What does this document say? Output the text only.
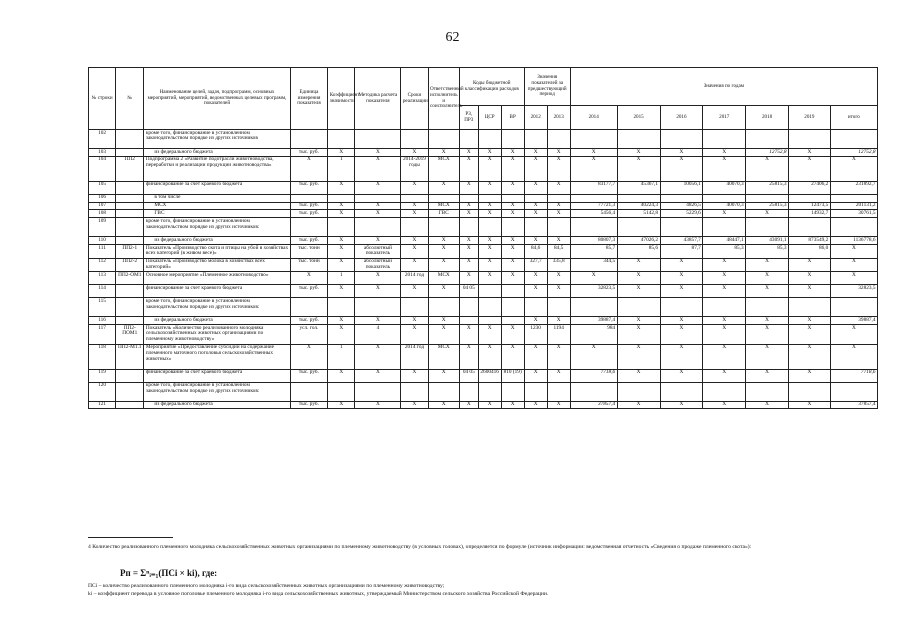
62
№ строки	№	Наименование целей, задач, подпрограмм, основных мероприятий, мероприятий, ведомственных целевых программ, показателей	Единица измерения показателя	Коэффициент значимости	Методика расчета показателя	Сроки реализации	Ответственный исполнитель и соисполнитель	Коды бюджетной классификации расходов			Значения показателей за предшествующий период		Значения по годам						
								РЗ, ПР3	ЦСР	ВР	2012	2013	2014	2015	2016	2017	2018	2019	итого
102		кроме того, финансирование в установленном законодательством порядке из других источников																	
103		из федерального бюджета	тыс. руб.	X	X	X	X	X	X	X	X	X	X	X	X	X	12752,8	X	12752,8
104	ПП2	Подпрограмма 2 «Развитие подотрасли животноводства, переработки и реализации продукции животноводства»	X	1	X	2014-2019 годы	МСХ	X	X	X	X	X	X	X	X	X	X	X	X
105		финансирование за счет краевого бюджета	тыс. руб.	X	X	X	X	X	X	X	X	X	83177,7	45367,1	10056,1	40070,3	25815,3	27406,2	231892,7
106		в том числе																	
107		МСХ	тыс. руб.	X	X	X	МСХ	X	X	X	X	X	77721,3	40224,3	4826,5	40070,3	25815,3	12473,5	201131,2
108		ГВС	тыс. руб.	X	X	X	ГВС	X	X	X	X	X	5456,4	5142,8	5229,6	X	X	14932,7	30761,5
109		кроме того, финансирование в установленном законодательством порядке из других источников:																	
110		из федерального бюджета	тыс. руб.	X	X	X	X	X	X	X	X	X	80807,3	47026,2	43857,7	48447,1	43091,1	873549,2	1136778,6
111	ПП2-1	Показатель «Производство скота и птицы на убой в хозяйствах всех категорий (в живом весе)»	тыс. тонн	X	абсолютный показатель	X	X	X	X	X	84,6	84,5	85,7	85,6	87,7	85,3	85,3	86,0	X
112	ПП2-2	Показатель «Производство молока в хозяйствах всех категорий»	тыс. тонн	X	абсолютный показатель	X	X	X	X	X	327,7	335,8	344,5	X	X	X	X	X	X
113	ПП2-ОМ1	Основное мероприятие «Племенное животноводство»	X	1	X	2014 год	МСХ	X	X	X	X	X	X	X	X	X	X	X	X
114		финансирование за счет краевого бюджета	тыс. руб.	X	X	X	X	04 05			X	X	32823,5	X	X	X	X	X	32823,5
115		кроме того, финансирование в установленном законодательством порядке из других источников:																	
116		из федерального бюджета	тыс. руб.	X	X	X	X				X	X	39887,4	X	X	X	X	X	39887,4
117	ПП2-ПОМ1	Показатель «Количество реализованного молодняка сельскохозяйственных животных организациями по племенному животноводству»	усл. гол.	X	4	X	X	X	X	X	1230	1194	984	X	X	X	X	X	X
118	ПП2-М1.1	Мероприятие «Предоставление субсидий на содержание племенного маточного поголовья сельскохозяйственных животных»	X	1	X	2014 год	МСХ	X	X	X	X	X	X	X	X	X	X	X	X
119		финансирование за счет краевого бюджета	тыс. руб.	X	X	X	X	04 05	2600416	810 (19)	X	X	7718,6	X	X	X	X	X	7718,6
120		кроме того, финансирование в установленном законодательством порядке из других источников:																	
121		из федерального бюджета	тыс. руб.	X	X	X	X	X	X	X	X	X	37857,4	X	X	X	X	X	37857,4
4 Количество реализованного племенного молодняка сельскохозяйственных животных организациями по племенному животноводству (в условных головах), определяется по формуле (источник информации: ведомственная отчетность «Сведения о продаже племенного скота»):
Рп = Σⁿᵢ₌₁(ПСi × ki), где:
ПСi – количество реализованного племенного молодняка i-го вида сельскохозяйственных животных организациями по племенному животноводству;
ki – коэффициент перевода в условное поголовье племенного молодняка i-го вида сельскохозяйственных животных, утверждаемый Министерством сельского хозяйства Российской Федерации.
